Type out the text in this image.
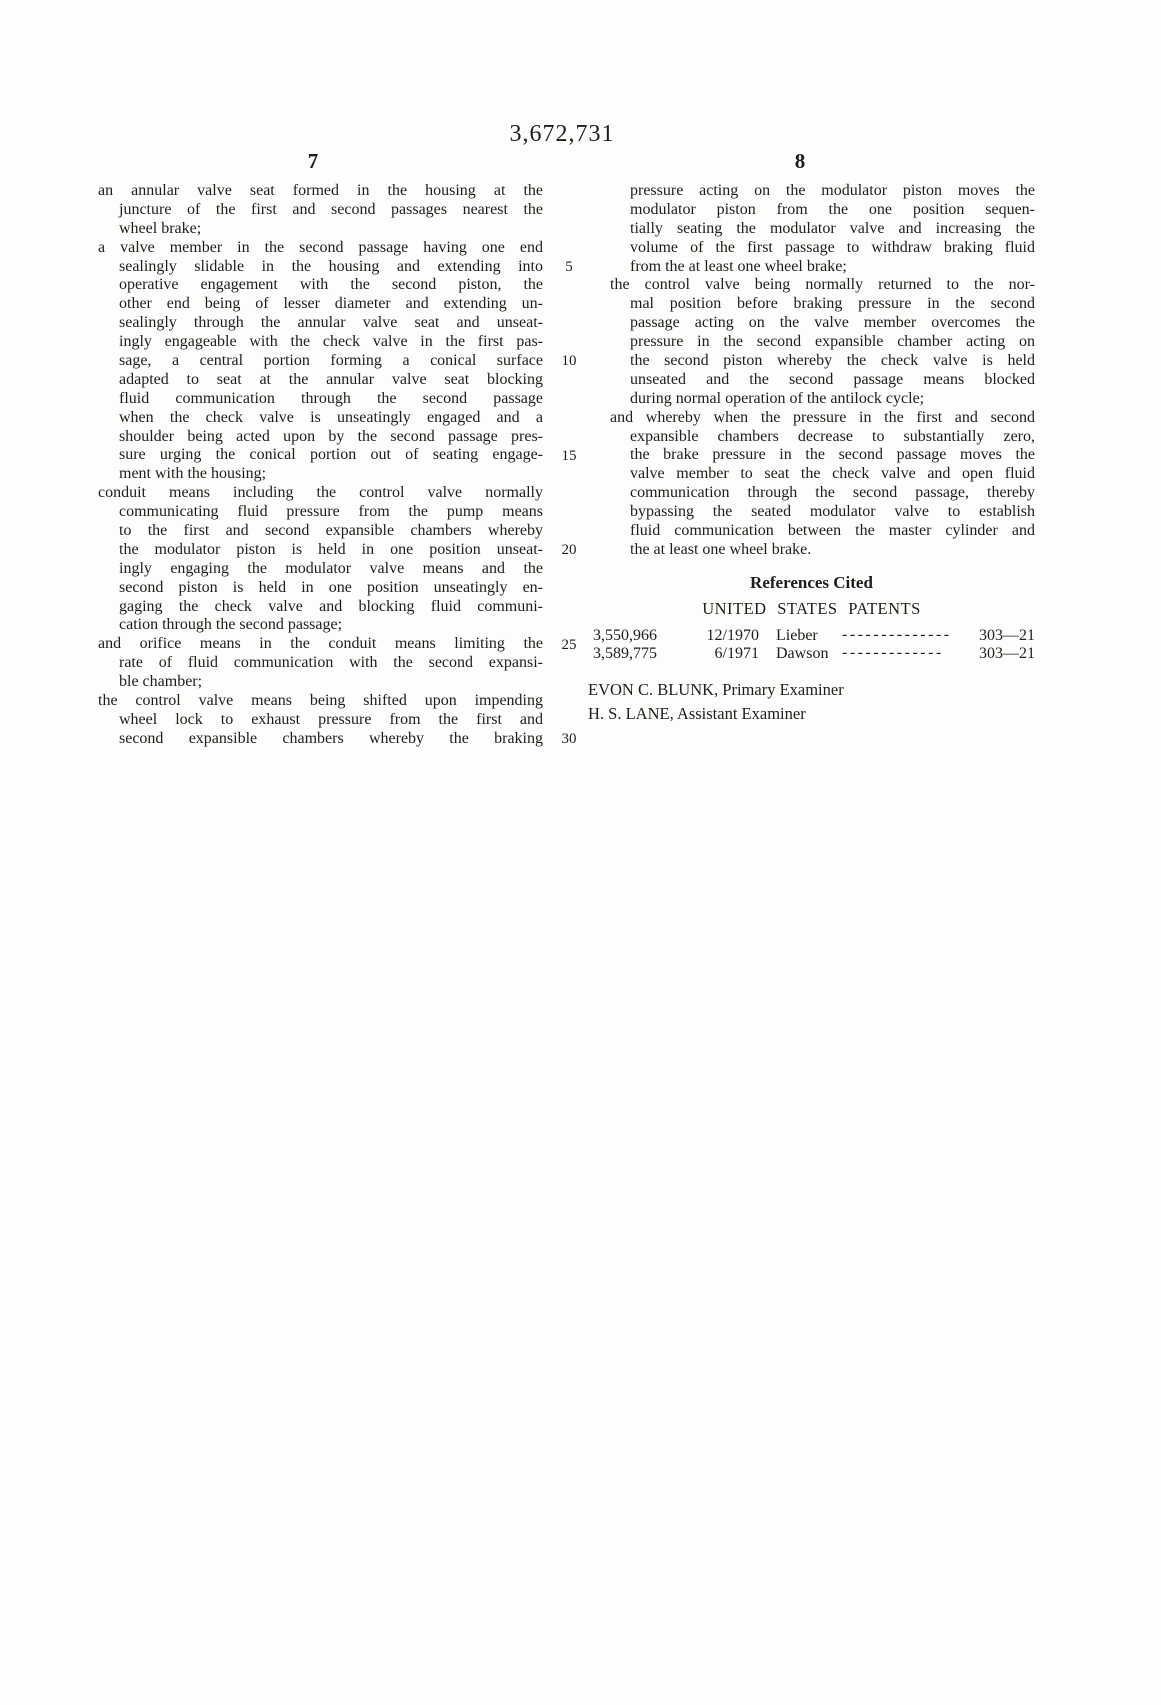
3,672,731
7	8
an annular valve seat formed in the housing at the
juncture of the first and second passages nearest the
wheel brake;
a valve member in the second passage having one end
sealingly slidable in the housing and extending into
operative engagement with the second piston, the
other end being of lesser diameter and extending un-
sealingly through the annular valve seat and unseat-
ingly engageable with the check valve in the first pas-
sage, a central portion forming a conical surface
adapted to seat at the annular valve seat blocking
fluid communication through the second passage
when the check valve is unseatingly engaged and a
shoulder being acted upon by the second passage pres-
sure urging the conical portion out of seating engage-
ment with the housing;
conduit means including the control valve normally
communicating fluid pressure from the pump means
to the first and second expansible chambers whereby
the modulator piston is held in one position unseat-
ingly engaging the modulator valve means and the
second piston is held in one position unseatingly en-
gaging the check valve and blocking fluid communi-
cation through the second passage;
and orifice means in the conduit means limiting the
rate of fluid communication with the second expansi-
ble chamber;
the control valve means being shifted upon impending
wheel lock to exhaust pressure from the first and
second expansible chambers whereby the braking
pressure acting on the modulator piston moves the
modulator piston from the one position sequen-
tially seating the modulator valve and increasing the
volume of the first passage to withdraw braking fluid
from the at least one wheel brake;
the control valve being normally returned to the nor-
mal position before braking pressure in the second
passage acting on the valve member overcomes the
pressure in the second expansible chamber acting on
the second piston whereby the check valve is held
unseated and the second passage means blocked
during normal operation of the antilock cycle;
and whereby when the pressure in the first and second
expansible chambers decrease to substantially zero,
the brake pressure in the second passage moves the
valve member to seat the check valve and open fluid
communication through the second passage, thereby
bypassing the seated modulator valve to establish
fluid communication between the master cylinder and
the at least one wheel brake.
5
10
15
20
25
30
References Cited
UNITED STATES PATENTS
3,550,966	12/1970 Lieber	--------------	303—21
3,589,775	6/1971 Dawson -------------	303—21
EVON C. BLUNK, Primary Examiner
H. S. LANE, Assistant Examiner
